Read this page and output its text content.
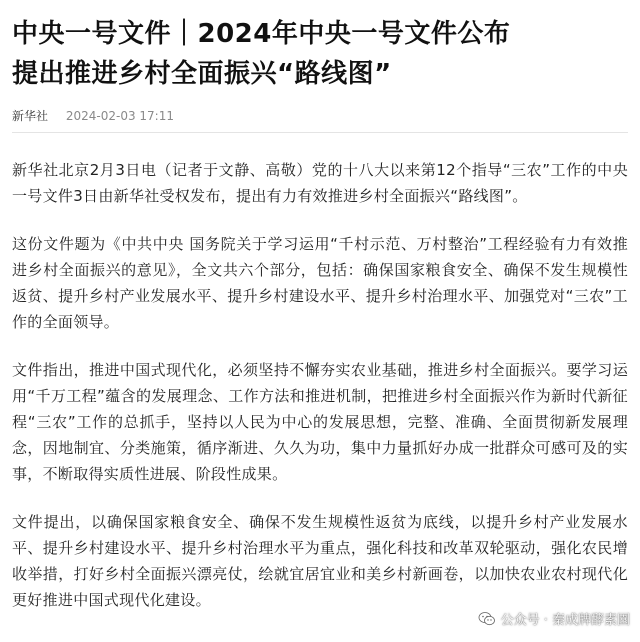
中央一号文件｜2024年中央一号文件公布
提出推进乡村全面振兴“路线图”
新华社 2024-02-03 17:11

新华社北京2月3日电（记者于文静、高敬）党的十八大以来第12个指导“三农”工作的中央一号文件3日由新华社受权发布，提出有力有效推进乡村全面振兴“路线图”。

这份文件题为《中共中央 国务院关于学习运用“千村示范、万村整治”工程经验有力有效推进乡村全面振兴的意见》，全文共六个部分，包括：确保国家粮食安全、确保不发生规模性返贫、提升乡村产业发展水平、提升乡村建设水平、提升乡村治理水平、加强党对“三农”工作的全面领导。

文件指出，推进中国式现代化，必须坚持不懈夯实农业基础，推进乡村全面振兴。要学习运用“千万工程”蕴含的发展理念、工作方法和推进机制，把推进乡村全面振兴作为新时代新征程“三农”工作的总抓手，坚持以人民为中心的发展思想，完整、准确、全面贯彻新发展理念，因地制宜、分类施策，循序渐进、久久为功，集中力量抓好办成一批群众可感可及的实事，不断取得实质性进展、阶段性成果。

文件提出，以确保国家粮食安全、确保不发生规模性返贫为底线，以提升乡村产业发展水平、提升乡村建设水平、提升乡村治理水平为重点，强化科技和改革双轮驱动，强化农民增收举措，打好乡村全面振兴漂亮仗，绘就宜居宜业和美乡村新画卷，以加快农业农村现代化更好推进中国式现代化建设。

公众号 · 秦成牌酵素園
